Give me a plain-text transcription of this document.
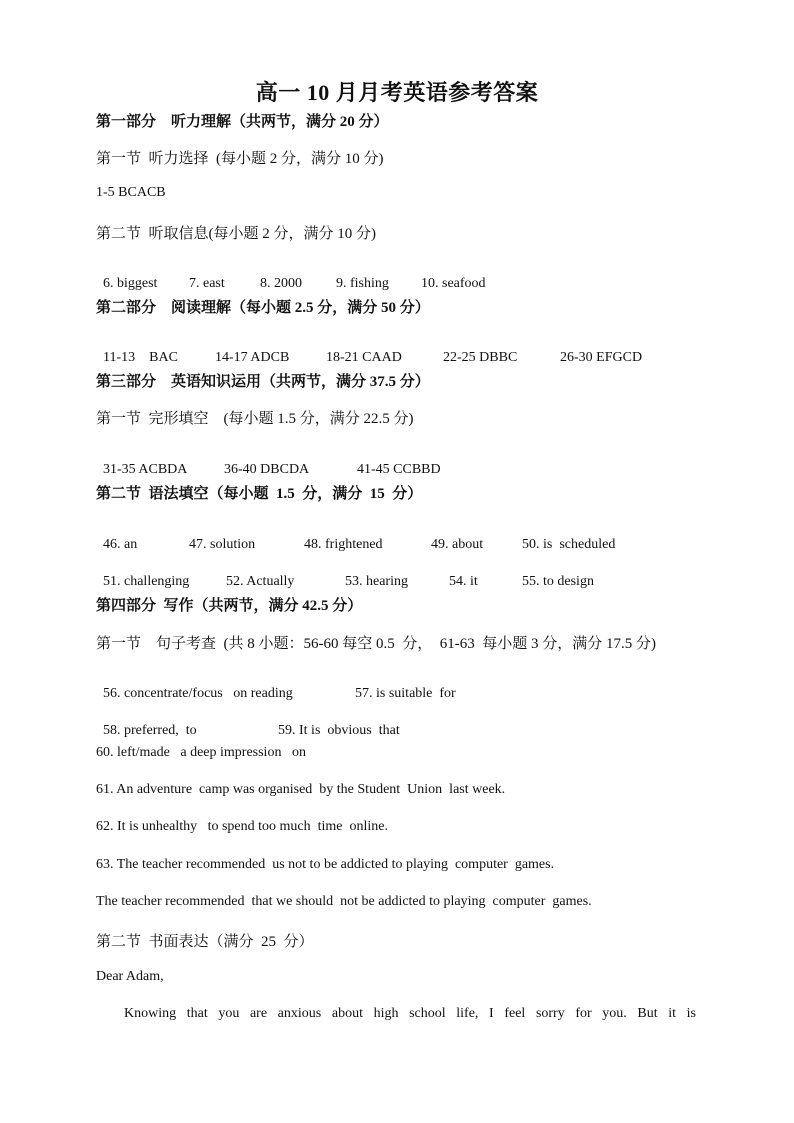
高一 10 月月考英语参考答案
第一部分　听力理解（共两节，满分 20 分）
第一节  听力选择  (每小题 2 分，满分 10 分)
1-5 BCACB
第二节  听取信息(每小题 2 分，满分 10 分)

6. biggest 7. east	8. 2000 9. fishing 10. seafood

第二部分　阅读理解（每小题 2.5 分，满分 50 分）

11-13    BAC	14-17 ADCB	18-21 CAAD	22-25 DBBC	26-30 EFGCD

第三部分　英语知识运用（共两节，满分 37.5 分）
第一节  完形填空　(每小题 1.5 分，满分 22.5 分)

31-35 ACBDA	36-40 DBCDA	41-45 CCBBD

第二节  语法填空（每小题  1.5  分，满分  15  分）

46. an	47. solution	48. frightened	49. about	50. is  scheduled

51. challenging	52. Actually	53. hearing	54. it	55. to design

第四部分  写作（共两节，满分 42.5 分）
第一节　句子考查  (共 8 小题：56-60 每空 0.5  分，　61-63  每小题 3 分，满分 17.5 分)

56. concentrate/focus   on reading	57. is suitable  for

58. preferred,  to	59. It is  obvious  that

60. left/made   a deep impression   on
61. An adventure  camp was organised  by the Student  Union  last week.
62. It is unhealthy   to spend too much  time  online.
63. The teacher recommended  us not to be addicted to playing  computer  games.
The teacher recommended  that we should  not be addicted to playing  computer  games.
第二节  书面表达（满分  25  分）
Dear Adam,
Knowing that you are anxious about high school life, I feel sorry for you. But it is
